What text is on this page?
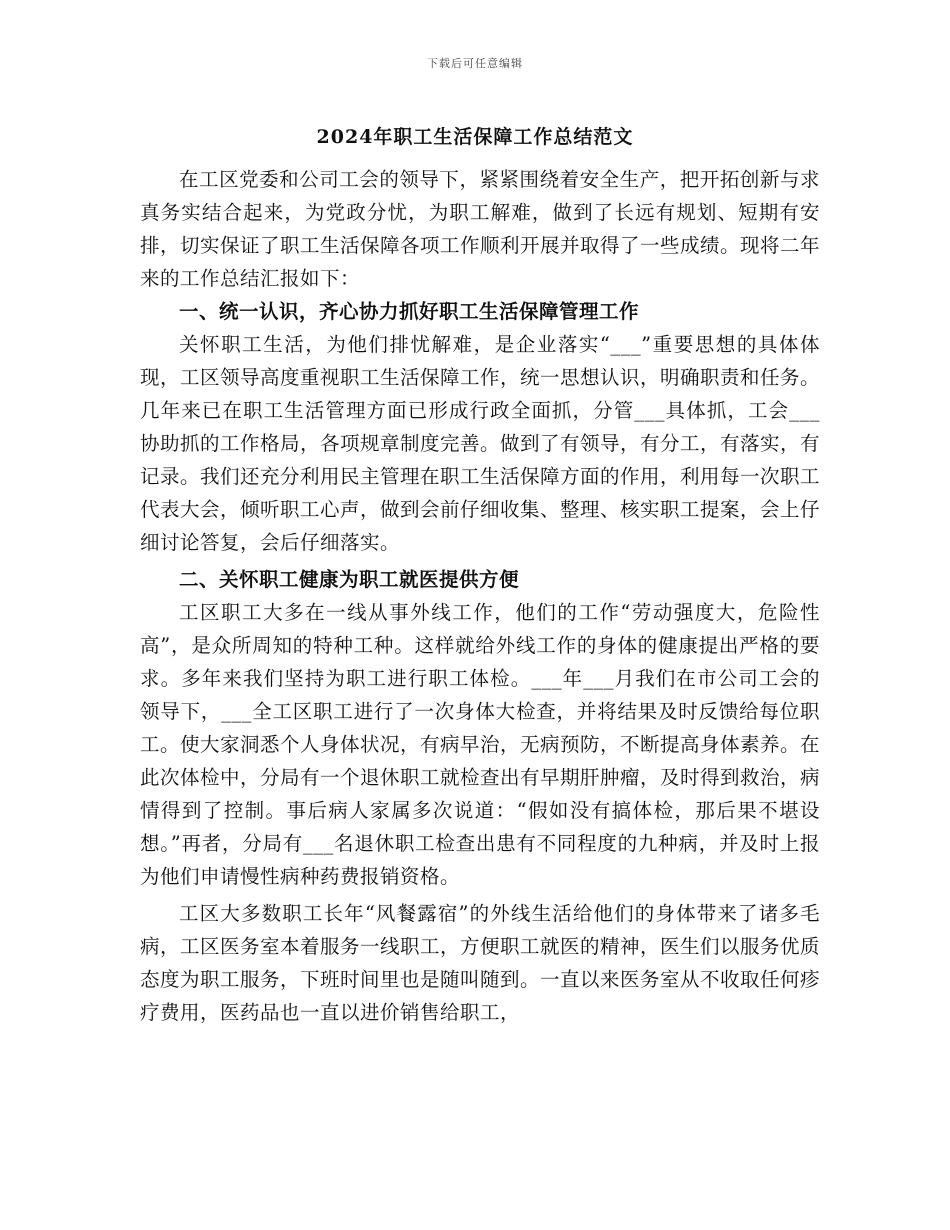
下载后可任意编辑
2024年职工生活保障工作总结范文

在工区党委和公司工会的领导下，紧紧围绕着安全生产，把开拓创新与求真务实结合起来，为党政分忧，为职工解难，做到了长远有规划、短期有安排，切实保证了职工生活保障各项工作顺利开展并取得了一些成绩。现将二年来的工作总结汇报如下：

一、统一认识，齐心协力抓好职工生活保障管理工作

关怀职工生活，为他们排忧解难，是企业落实“___”重要思想的具体体现，工区领导高度重视职工生活保障工作，统一思想认识，明确职责和任务。几年来已在职工生活管理方面已形成行政全面抓，分管___具体抓，工会___协助抓的工作格局，各项规章制度完善。做到了有领导，有分工，有落实，有记录。我们还充分利用民主管理在职工生活保障方面的作用，利用每一次职工代表大会，倾听职工心声，做到会前仔细收集、整理、核实职工提案，会上仔细讨论答复，会后仔细落实。

二、关怀职工健康为职工就医提供方便

工区职工大多在一线从事外线工作，他们的工作“劳动强度大，危险性高”，是众所周知的特种工种。这样就给外线工作的身体的健康提出严格的要求。多年来我们坚持为职工进行职工体检。___年___月我们在市公司工会的领导下，___全工区职工进行了一次身体大检查，并将结果及时反馈给每位职工。使大家洞悉个人身体状况，有病早治，无病预防，不断提高身体素养。在此次体检中，分局有一个退休职工就检查出有早期肝肿瘤，及时得到救治，病情得到了控制。事后病人家属多次说道：“假如没有搞体检，那后果不堪设想。”再者，分局有___名退休职工检查出患有不同程度的九种病，并及时上报为他们申请慢性病种药费报销资格。

工区大多数职工长年“风餐露宿”的外线生活给他们的身体带来了诸多毛病，工区医务室本着服务一线职工，方便职工就医的精神，医生们以服务优质态度为职工服务，下班时间里也是随叫随到。一直以来医务室从不收取任何疹疗费用，医药品也一直以进价销售给职工，
